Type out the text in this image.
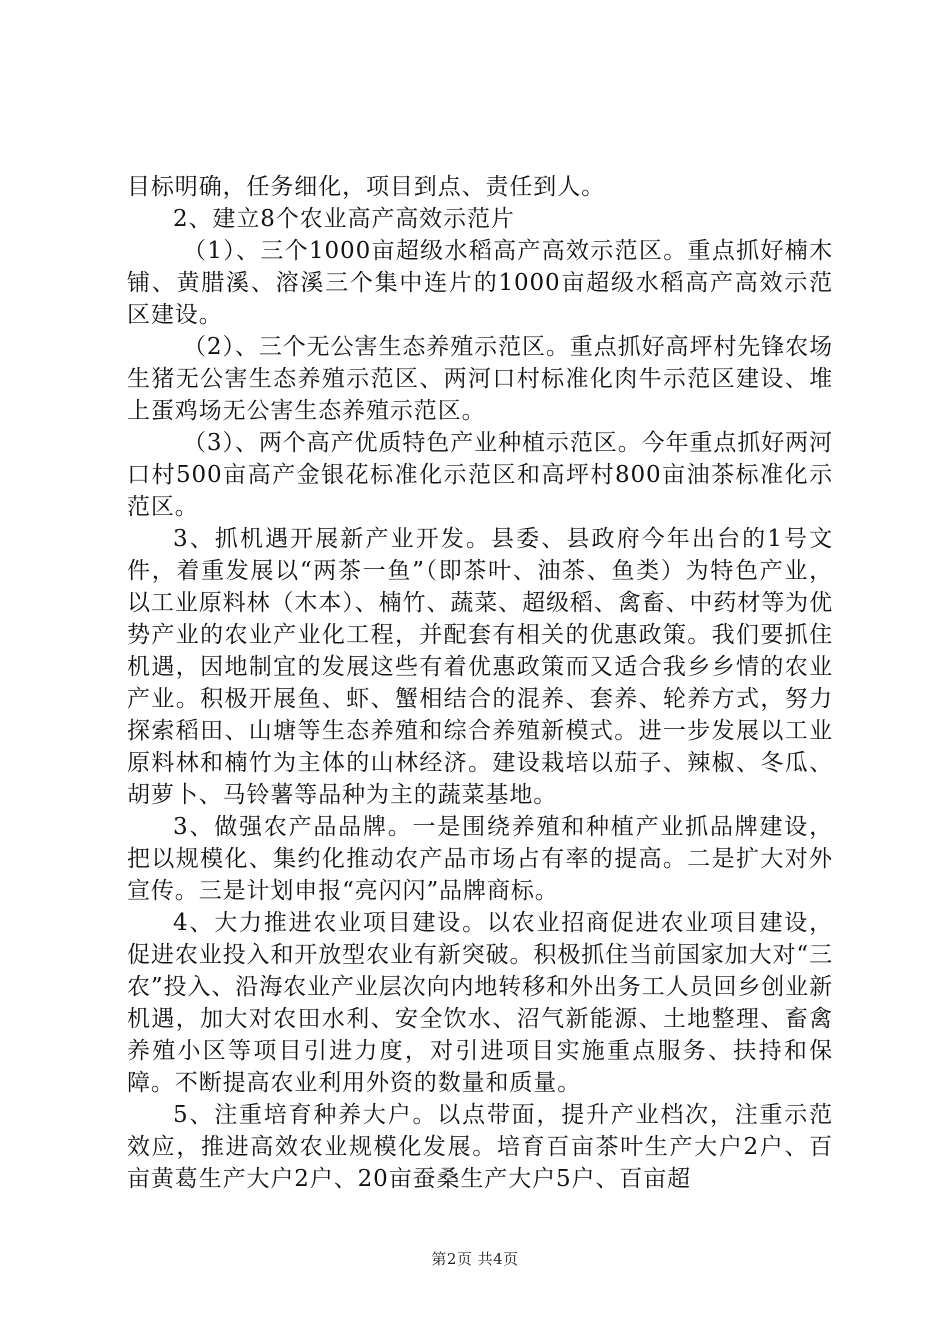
目标明确，任务细化，项目到点、责任到人。

2、建立8个农业高产高效示范片

（1）、三个1000亩超级水稻高产高效示范区。重点抓好楠木铺、黄腊溪、溶溪三个集中连片的1000亩超级水稻高产高效示范区建设。

（2）、三个无公害生态养殖示范区。重点抓好高坪村先锋农场生猪无公害生态养殖示范区、两河口村标准化肉牛示范区建设、堆上蛋鸡场无公害生态养殖示范区。

（3）、两个高产优质特色产业种植示范区。今年重点抓好两河口村500亩高产金银花标准化示范区和高坪村800亩油茶标准化示范区。

3、抓机遇开展新产业开发。县委、县政府今年出台的1号文件，着重发展以“两茶一鱼”（即茶叶、油茶、鱼类）为特色产业，以工业原料林（木本）、楠竹、蔬菜、超级稻、禽畜、中药材等为优势产业的农业产业化工程，并配套有相关的优惠政策。我们要抓住机遇，因地制宜的发展这些有着优惠政策而又适合我乡乡情的农业产业。积极开展鱼、虾、蟹相结合的混养、套养、轮养方式，努力探索稻田、山塘等生态养殖和综合养殖新模式。进一步发展以工业原料林和楠竹为主体的山林经济。建设栽培以茄子、辣椒、冬瓜、胡萝卜、马铃薯等品种为主的蔬菜基地。

3、做强农产品品牌。一是围绕养殖和种植产业抓品牌建设，把以规模化、集约化推动农产品市场占有率的提高。二是扩大对外宣传。三是计划申报“亮闪闪”品牌商标。

4、大力推进农业项目建设。以农业招商促进农业项目建设，促进农业投入和开放型农业有新突破。积极抓住当前国家加大对“三农”投入、沿海农业产业层次向内地转移和外出务工人员回乡创业新机遇，加大对农田水利、安全饮水、沼气新能源、土地整理、畜禽养殖小区等项目引进力度，对引进项目实施重点服务、扶持和保障。不断提高农业利用外资的数量和质量。

5、注重培育种养大户。以点带面，提升产业档次，注重示范效应，推进高效农业规模化发展。培育百亩茶叶生产大户2户、百亩黄葛生产大户2户、20亩蚕桑生产大户5户、百亩超

第2页 共4页
